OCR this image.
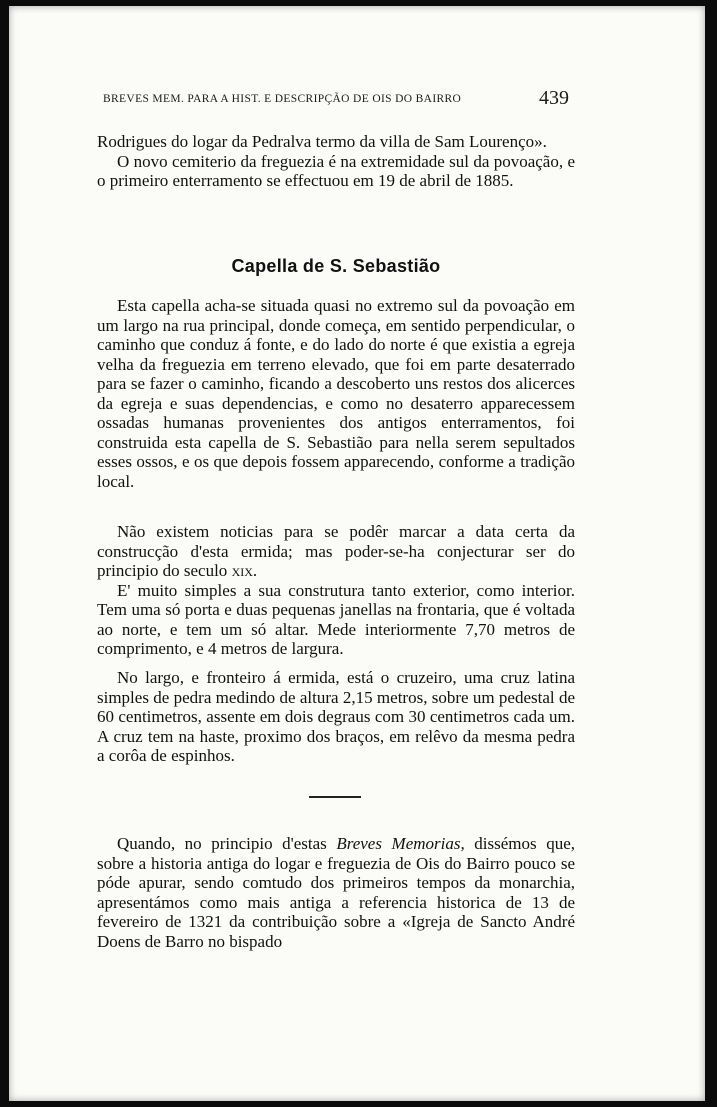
BREVES MEM. PARA A HIST. E DESCRIPÇÃO DE OIS DO BAIRRO	439

Rodrigues do logar da Pedralva termo da villa de Sam Lourenço».

O novo cemiterio da freguezia é na extremidade sul da povoação, e o primeiro enterramento se effectuou em 19 de abril de 1885.

Capella de S. Sebastião

Esta capella acha-se situada quasi no extremo sul da povoação em um largo na rua principal, donde começa, em sentido perpendicular, o caminho que conduz á fonte, e do lado do norte é que existia a egreja velha da freguezia em terreno elevado, que foi em parte desaterrado para se fazer o caminho, ficando a descoberto uns restos dos alicerces da egreja e suas dependencias, e como no desaterro apparecessem ossadas humanas provenientes dos antigos enterramentos, foi construida esta capella de S. Sebastião para nella serem sepultados esses ossos, e os que depois fossem apparecendo, conforme a tradição local.

Não existem noticias para se podêr marcar a data certa da construcção d'esta ermida; mas poder-se-ha conjecturar ser do principio do seculo xix.

E' muito simples a sua construtura tanto exterior, como interior. Tem uma só porta e duas pequenas janellas na frontaria, que é voltada ao norte, e tem um só altar. Mede interiormente 7,70 metros de comprimento, e 4 metros de largura.

No largo, e fronteiro á ermida, está o cruzeiro, uma cruz latina simples de pedra medindo de altura 2,15 metros, sobre um pedestal de 60 centimetros, assente em dois degraus com 30 centimetros cada um. A cruz tem na haste, proximo dos braços, em relêvo da mesma pedra a corôa de espinhos.

Quando, no principio d'estas Breves Memorias, dissémos que, sobre a historia antiga do logar e freguezia de Ois do Bairro pouco se póde apurar, sendo comtudo dos primeiros tempos da monarchia, apresentámos como mais antiga a referencia historica de 13 de fevereiro de 1321 da contribuição sobre a «Igreja de Sancto André Doens de Barro no bispado
